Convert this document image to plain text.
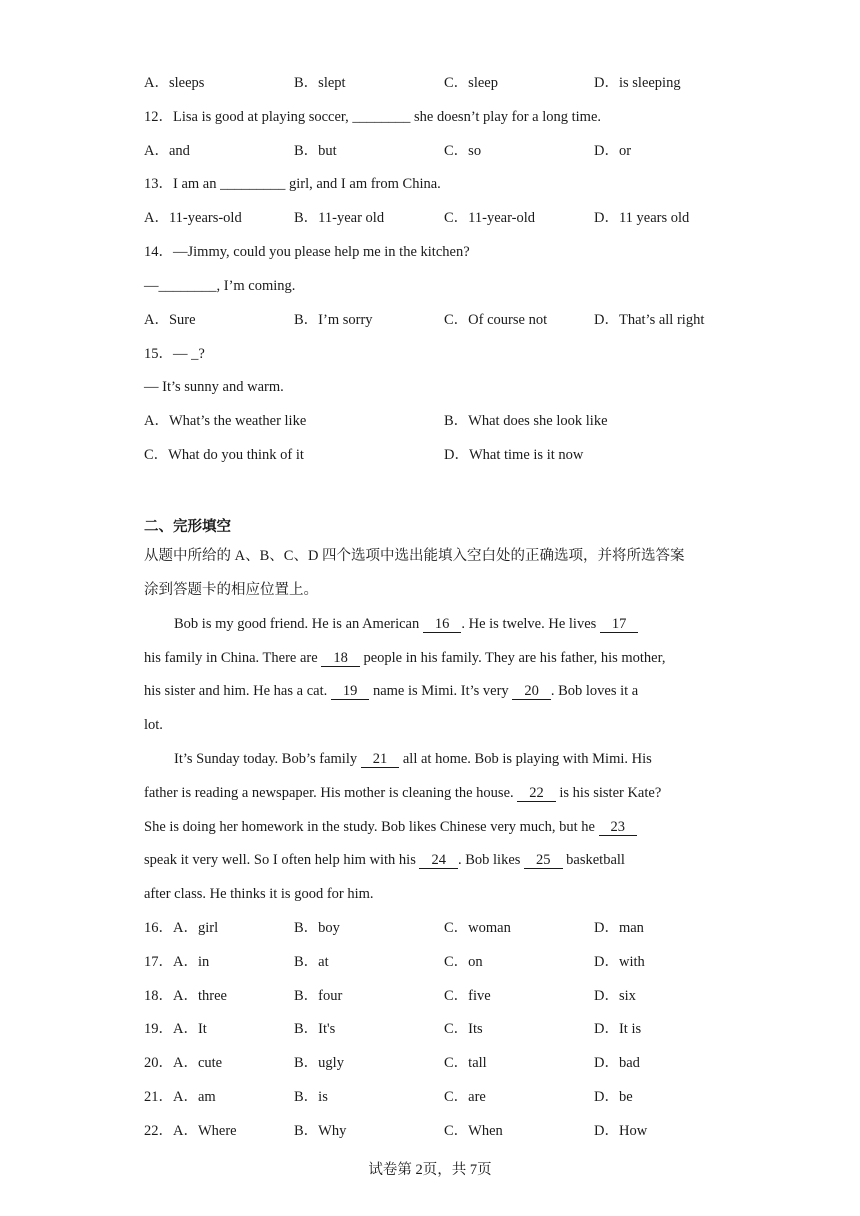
A．sleeps	B．slept	C．sleep	D．is sleeping
12．Lisa is good at playing soccer, ________ she doesn’t play for a long time.
A．and	B．but	C．so	D．or
13．I am an _________ girl, and I am from China.
A．11-years-old	B．11-year old	C．11-year-old	D．11 years old
14．—Jimmy, could you please help me in the kitchen?
—________, I’m coming.
A．Sure	B．I’m sorry	C．Of course not	D．That’s all right
15．— _?
— It’s sunny and warm.
A．What’s the weather like	B．What does she look like
C．What do you think of it	D．What time is it now
二、完形填空
从题中所给的 A、B、C、D 四个选项中选出能填入空白处的正确选项，并将所选答案
涂到答题卡的相应位置上。
Bob is my good friend. He is an American 16 . He is twelve. He lives 17
his family in China. There are 18 people in his family. They are his father, his mother,
his sister and him. He has a cat. 19 name is Mimi. It’s very 20 . Bob loves it a
lot.
It’s Sunday today. Bob’s family 21 all at home. Bob is playing with Mimi. His
father is reading a newspaper. His mother is cleaning the house. 22 is his sister Kate?
She is doing her homework in the study. Bob likes Chinese very much, but he 23
speak it very well. So I often help him with his 24 . Bob likes 25 basketball
after class. He thinks it is good for him.
16．A．girl	B．boy	C．woman	D．man
17．A．in	B．at	C．on	D．with
18．A．three	B．four	C．five	D．six
19．A．It	B．It's	C．Its	D．It is
20．A．cute	B．ugly	C．tall	D．bad
21．A．am	B．is	C．are	D．be
22．A．Where	B．Why	C．When	D．How
试卷第 2页，共 7页
